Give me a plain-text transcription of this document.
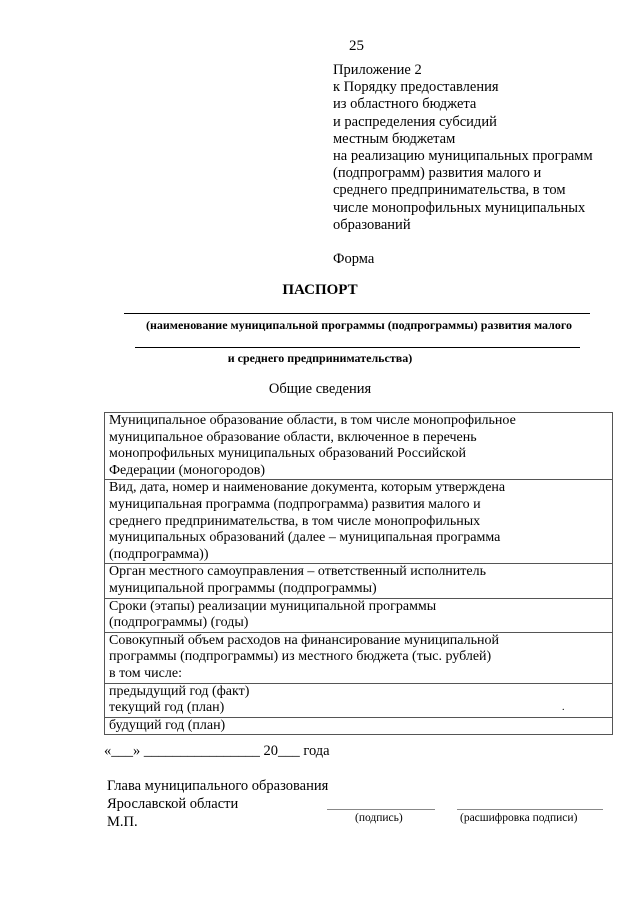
25
Приложение 2
к Порядку предоставления
из областного бюджета
и распределения субсидий
местным бюджетам
на реализацию муниципальных программ
(подпрограмм) развития малого и
среднего предпринимательства, в том
числе монопрофильных муниципальных
образований
Форма
ПАСПОРТ
(наименование муниципальной программы (подпрограммы) развития малого
и среднего предпринимательства)
Общие сведения
Муниципальное образование области, в том числе монопрофильное
муниципальное образование области, включенное в перечень
монопрофильных муниципальных образований Российской
Федерации (моногородов)

Вид, дата, номер и наименование документа, которым утверждена
муниципальная программа (подпрограмма) развития малого и
среднего предпринимательства, в том числе монопрофильных
муниципальных образований (далее – муниципальная программа
(подпрограмма))

Орган местного самоуправления – ответственный исполнитель
муниципальной программы (подпрограммы)

Сроки (этапы) реализации муниципальной программы
(подпрограммы) (годы)

Совокупный объем расходов на финансирование муниципальной
программы (подпрограммы) из местного бюджета (тыс. рублей)
в том числе:

предыдущий год (факт)
текущий год (план)

будущий год (план)
.
«___» ________________ 20___ года
Глава муниципального образования
Ярославской области
М.П.	(подпись)	(расшифровка подписи)
